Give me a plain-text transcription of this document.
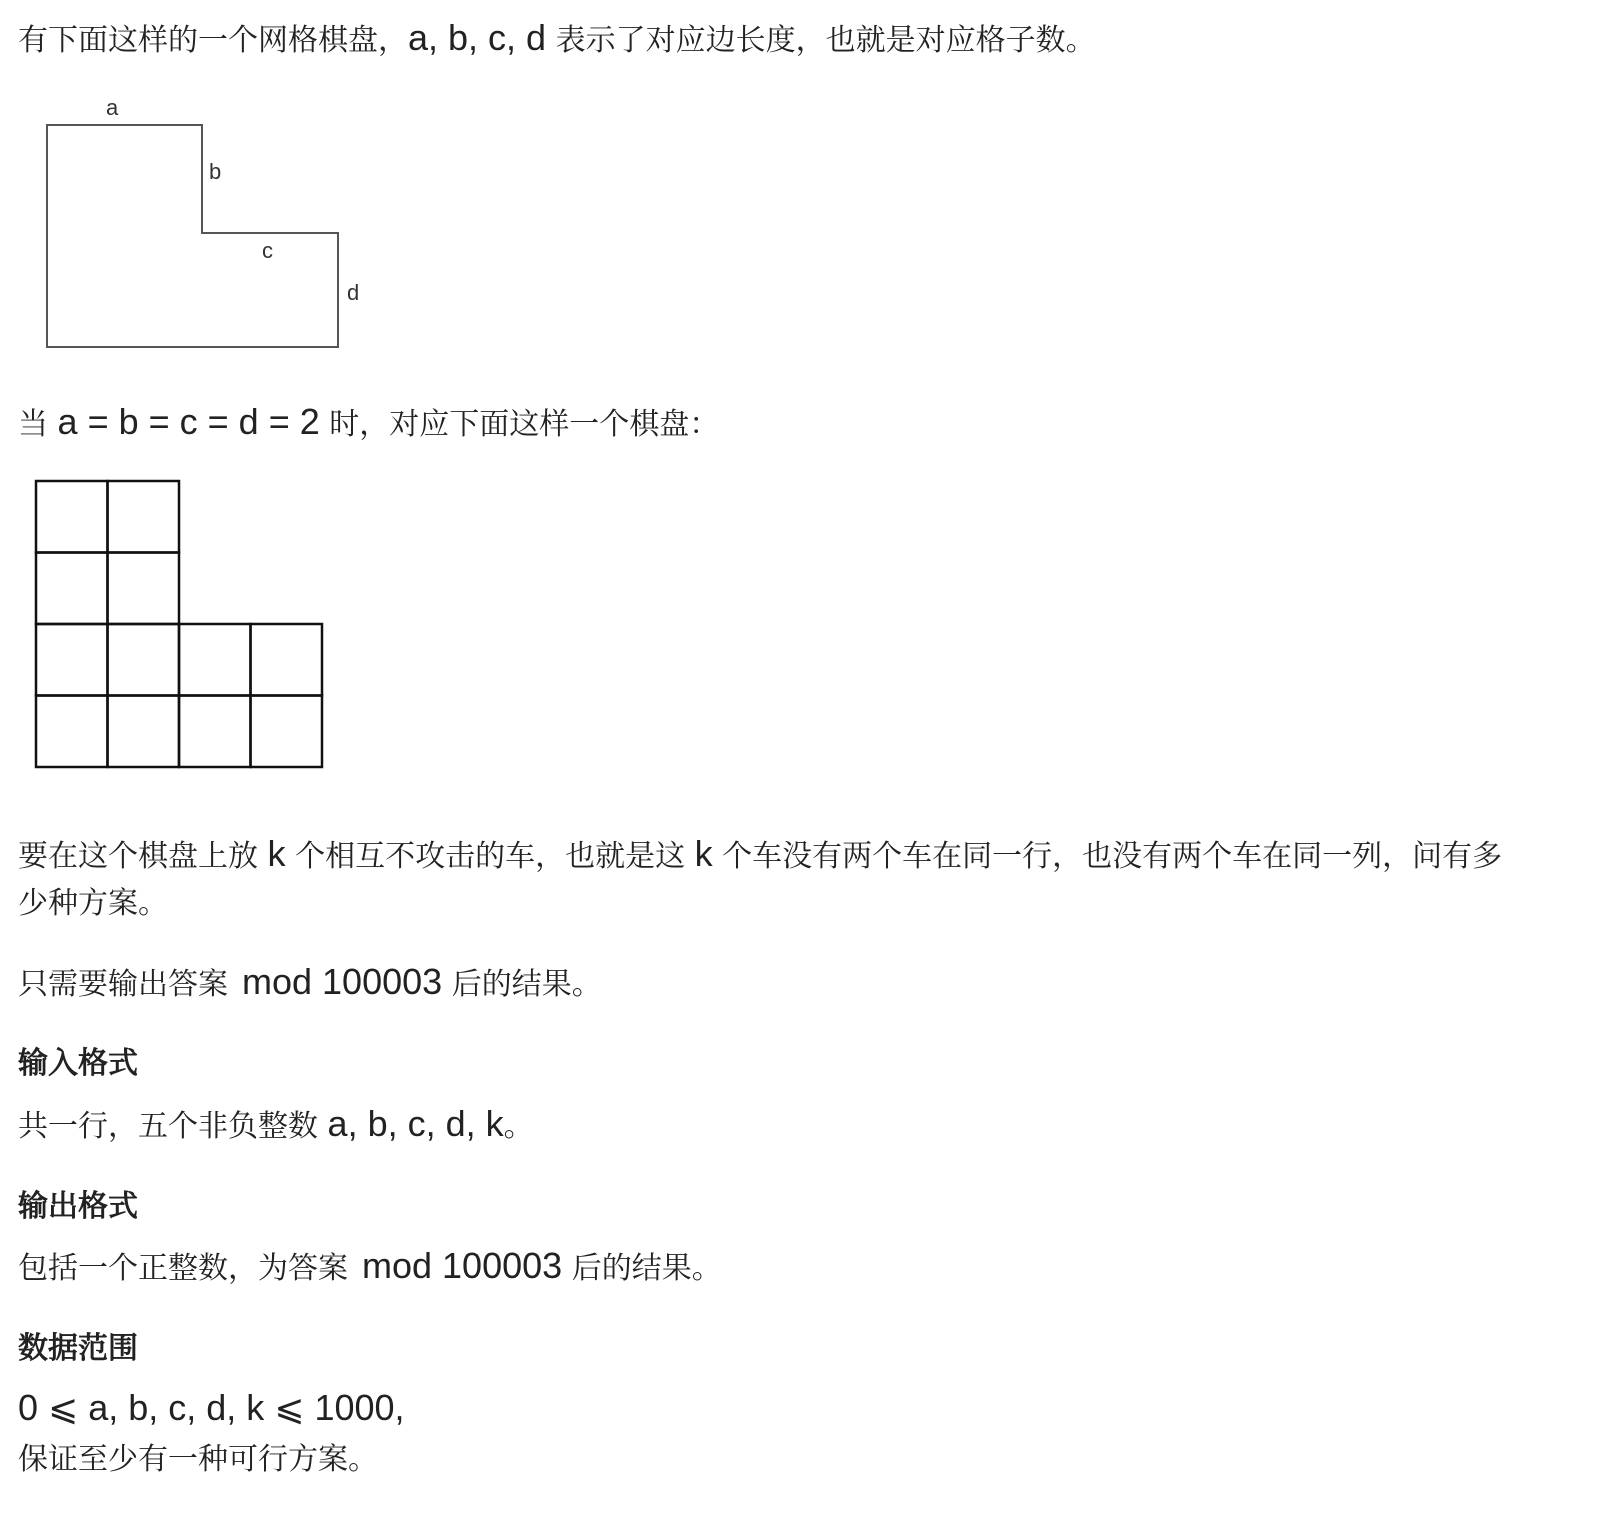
有下面这样的一个网格棋盘，a, b, c, d 表示了对应边长度，也就是对应格子数。
a
b
c
d
当 a = b = c = d = 2 时，对应下面这样一个棋盘：
要在这个棋盘上放 k 个相互不攻击的车，也就是这 k 个车没有两个车在同一行，也没有两个车在同一列，问有多
少种方案。
只需要输出答案 mod 100003 后的结果。
输入格式
共一行，五个非负整数 a, b, c, d, k。
输出格式
包括一个正整数，为答案 mod 100003 后的结果。
数据范围
0 ⩽ a, b, c, d, k ⩽ 1000,
保证至少有一种可行方案。
